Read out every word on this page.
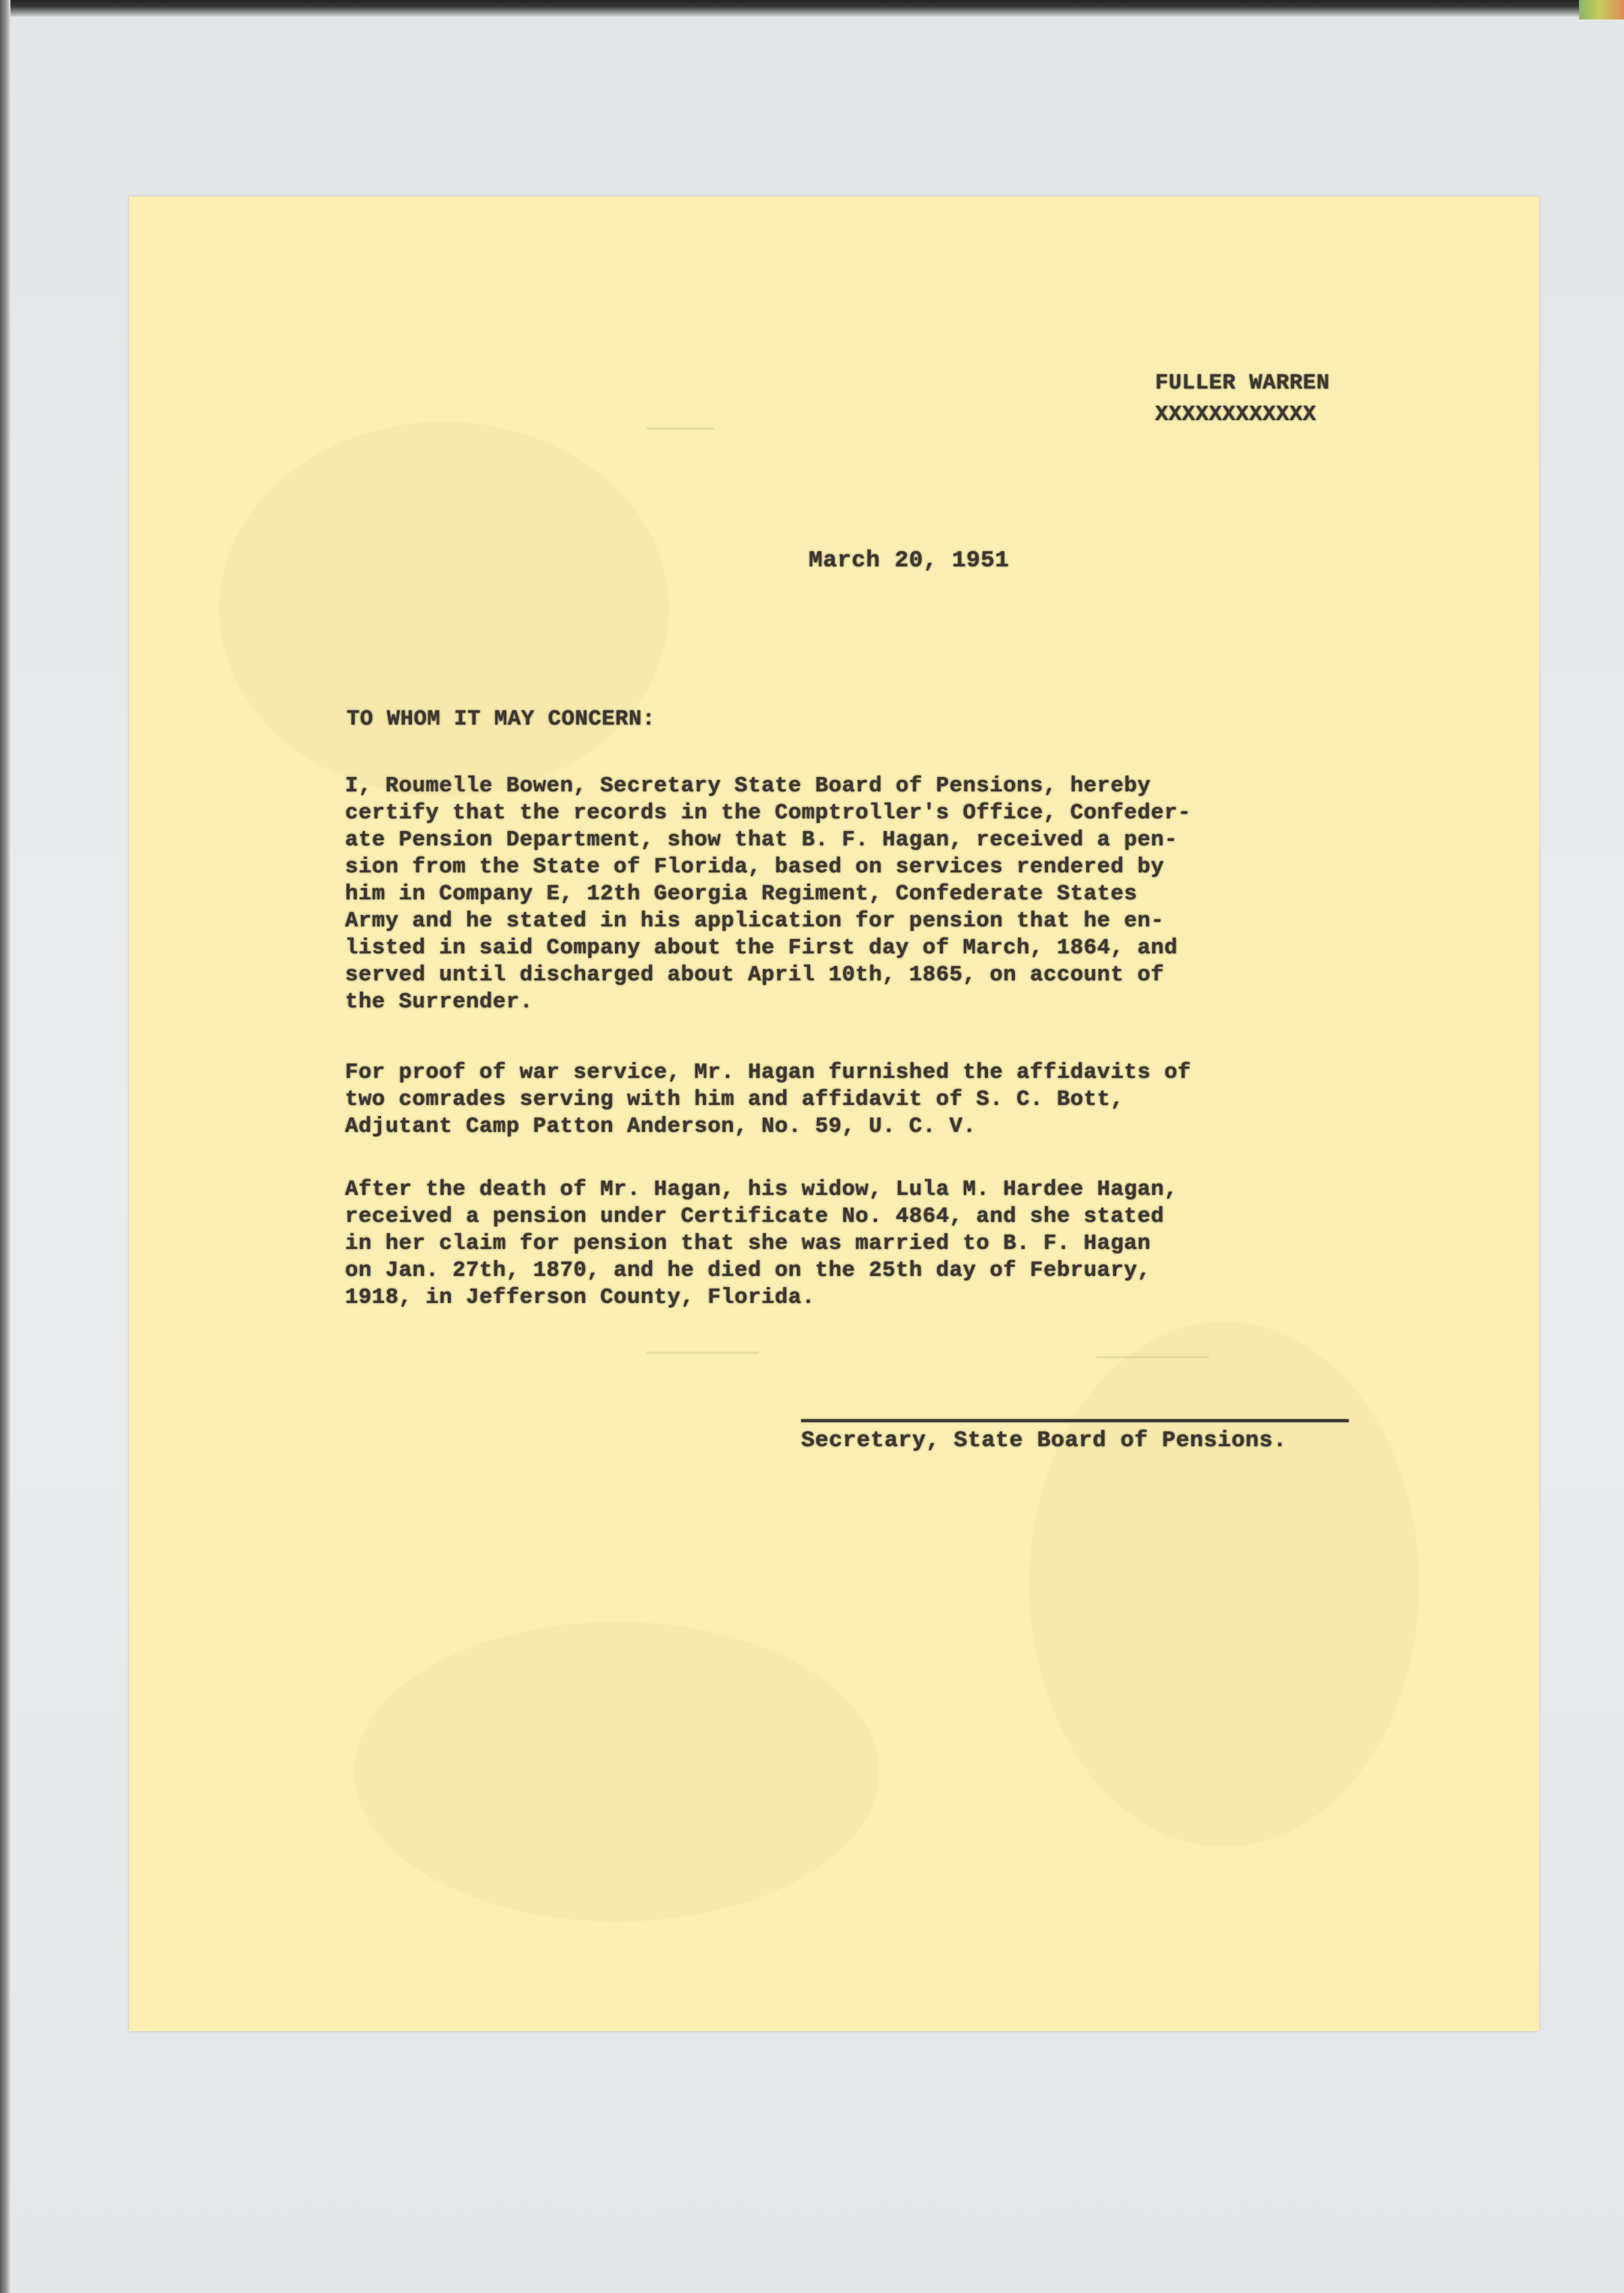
FULLER WARREN
XXXXXXXXXXXX
March 20, 1951
TO WHOM IT MAY CONCERN:
I, Roumelle Bowen, Secretary State Board of Pensions, hereby
certify that the records in the Comptroller's Office, Confeder-
ate Pension Department, show that B. F. Hagan, received a pen-
sion from the State of Florida, based on services rendered by
him in Company E, 12th Georgia Regiment, Confederate States
Army and he stated in his application for pension that he en-
listed in said Company about the First day of March, 1864, and
served until discharged about April 10th, 1865, on account of
the Surrender.
For proof of war service, Mr. Hagan furnished the affidavits of
two comrades serving with him and affidavit of S. C. Bott,
Adjutant Camp Patton Anderson, No. 59, U. C. V.
After the death of Mr. Hagan, his widow, Lula M. Hardee Hagan,
received a pension under Certificate No. 4864, and she stated
in her claim for pension that she was married to B. F. Hagan
on Jan. 27th, 1870, and he died on the 25th day of February,
1918, in Jefferson County, Florida.
Secretary, State Board of Pensions.
